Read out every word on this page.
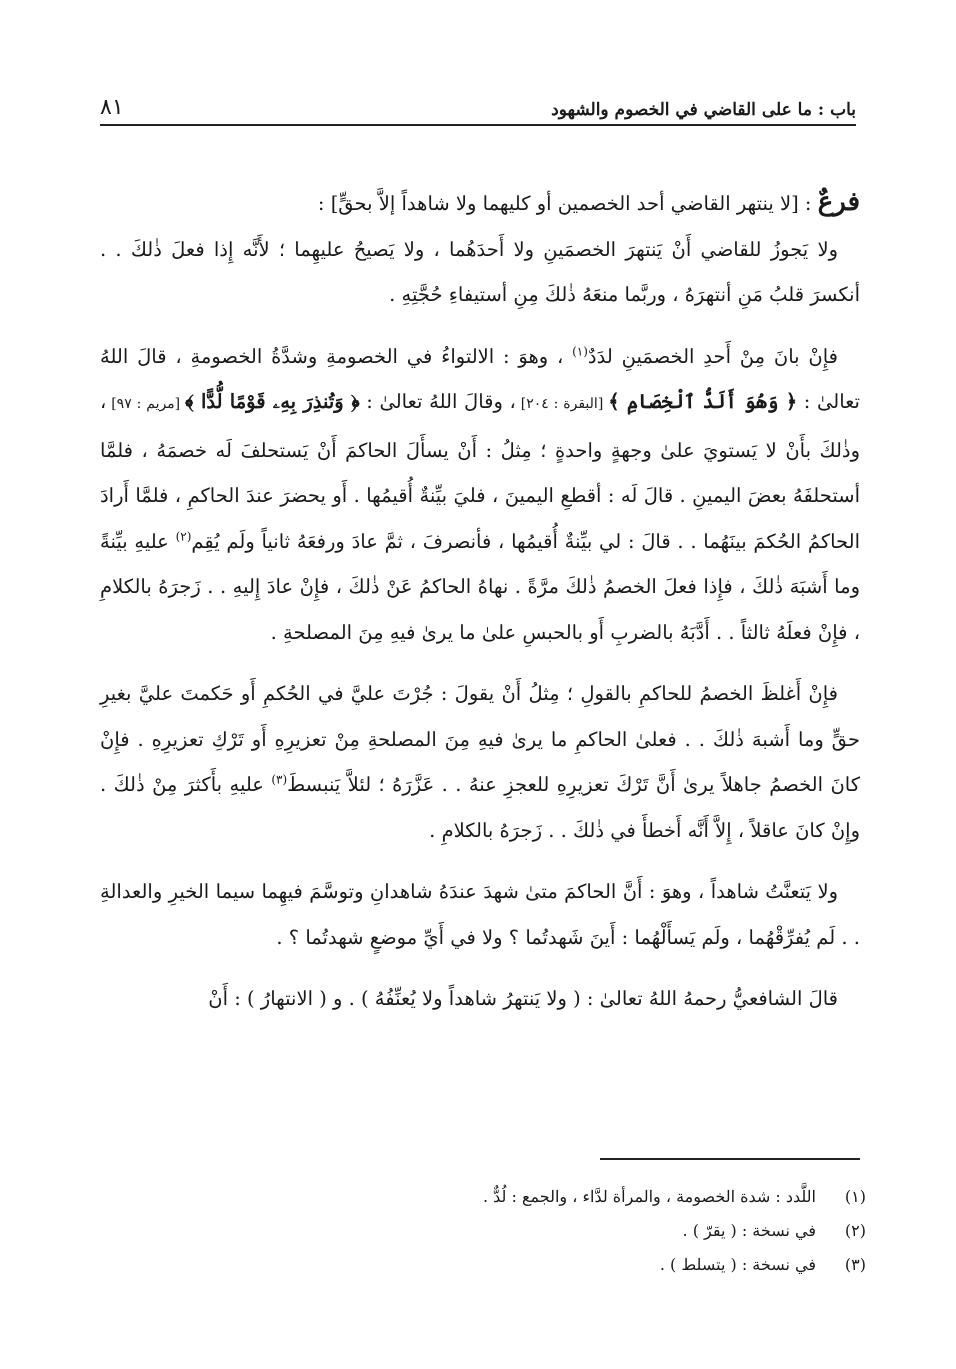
باب : ما على القاضي في الخصوم والشهود
٨١

فرعٌ : [لا ينتهر القاضي أحد الخصمين أو كليهما ولا شاهداً إلاَّ بحقٍّ] :

ولا يَجوزُ للقاضي أَنْ يَنتهرَ الخصمَينِ ولا أَحدَهُما ، ولا يَصيحُ عليهِما ؛ لأَنَّه إِذا فعلَ ذٰلكَ . . أنكسرَ قلبُ مَنِ أنتهرَهُ ، وربَّما منعَهُ ذٰلكَ مِنِ أستيفاءِ حُجَّتِهِ .

فإِنْ بانَ مِنْ أَحدِ الخصمَينِ لدَدٌ$^{(١)}$ ، وهوَ : الالتواءُ في الخصومةِ وشدَّةُ الخصومةِ ، قالَ اللهُ تعالىٰ : ﴿ وَهُوَ أَلَدُّ ٱلْخِصَامِ ﴾ [البقرة : ٢٠٤] ، وقالَ اللهُ تعالىٰ : ﴿ وَتُنذِرَ بِهِۦ قَوْمًا لُّدًّا ﴾ [مريم : ٩٧] ، وذٰلكَ بأَنْ لا يَستويَ علىٰ وجهةٍ واحدةٍ ؛ مِثلُ : أَنْ يسأَلَ الحاكمَ أَنْ يَستحلفَ لَه خصمَهُ ، فلمَّا أستحلفَهُ بعضَ اليمينِ . قالَ لَه : أقطعِ اليمينَ ، فليَ بيِّنةٌ أُقيمُها . أَو يحضرَ عندَ الحاكمِ ، فلمَّا أَرادَ الحاكمُ الحُكمَ بينَهُما . . قالَ : لي بيِّنةٌ أُقيمُها ، فأنصرفَ ، ثمَّ عادَ ورفعَهُ ثانياً ولَم يُقِم$^{(٢)}$ عليهِ بيِّنةً وما أَشبَهَ ذٰلكَ ، فإِذا فعلَ الخصمُ ذٰلكَ مرَّةً . نهاهُ الحاكمُ عَنْ ذٰلكَ ، فإِنْ عادَ إِليهِ . . زَجرَهُ بالكلامِ ، فإِنْ فعلَهُ ثالثاً . . أَدَّبَهُ بالضربِ أَو بالحبسِ علىٰ ما يرىٰ فيهِ مِنَ المصلحةِ .

فإِنْ أَغلظَ الخصمُ للحاكمِ بالقولِ ؛ مِثلُ أَنْ يقولَ : جُرْتَ عليَّ في الحُكمِ أَو حَكمتَ عليَّ بغيرِ حقٍّ وما أَشبهَ ذٰلكَ . . فعلىٰ الحاكمِ ما يرىٰ فيهِ مِنَ المصلحةِ مِنْ تعزيرِهِ أَو تَرْكِ تعزيرِهِ . فإِنْ كانَ الخصمُ جاهلاً يرىٰ أَنَّ تَرْكَ تعزيرِهِ للعجزِ عنهُ . . عَزَّرَهُ ؛ لئلاَّ يَنبسطَ$^{(٣)}$ عليهِ بأَكثرَ مِنْ ذٰلكَ . وإِنْ كانَ عاقلاً ، إِلاَّ أَنَّه أَخطأَ في ذٰلكَ . . زَجرَهُ بالكلامِ .

ولا يَتعنَّتُ شاهداً ، وهوَ : أَنَّ الحاكمَ متىٰ شهدَ عندَهُ شاهدانِ وتوسَّمَ فيهِما سيما الخيرِ والعدالةِ . . لَم يُفرِّقْهُما ، ولَم يَسأَلْهُما : أَينَ شَهدتُما ؟ ولا في أَيِّ موضعٍ شهدتُما ؟ .

قالَ الشافعيُّ رحمهُ اللهُ تعالىٰ : ( ولا يَنتهرُ شاهداً ولا يُعنِّفُهُ ) . و ( الانتهارُ ) : أَنْ

(١)
اللَّدد : شدة الخصومة ، والمرأة لدَّاء ، والجمع : لُدٌّ .
(٢)
في نسخة : ( يقرّ ) .
(٣)
في نسخة : ( يتسلط ) .
